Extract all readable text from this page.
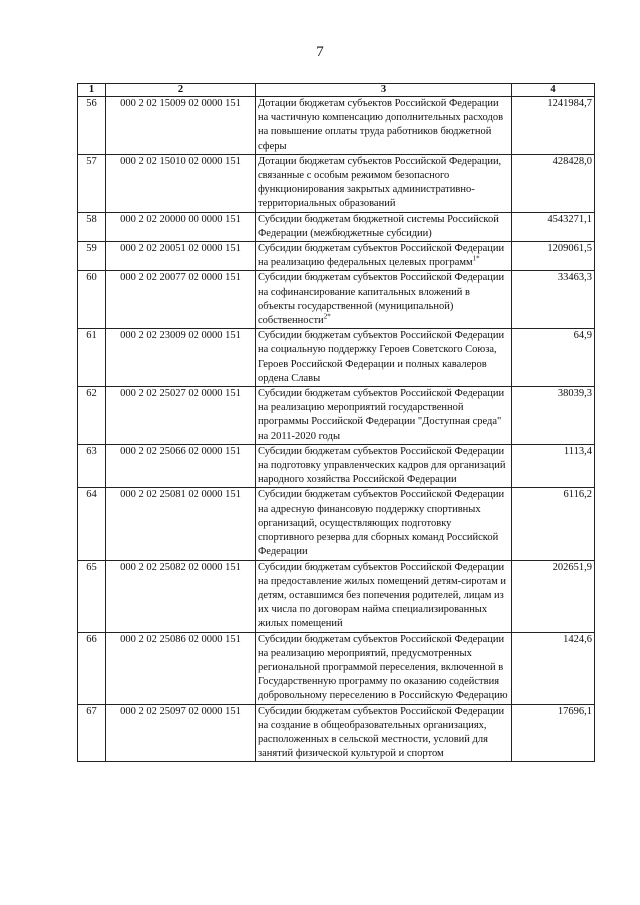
7
1	2	3	4
56	000 2 02 15009 02 0000 151	Дотации бюджетам субъектов Российской Федерации на частичную компенсацию дополнительных расходов на повышение оплаты труда работников бюджетной сферы	1241984,7
57	000 2 02 15010 02 0000 151	Дотации бюджетам субъектов Российской Федерации, связанные с особым режимом безопасного функционирования закрытых административно-территориальных образований	428428,0
58	000 2 02 20000 00 0000 151	Субсидии бюджетам бюджетной системы Российской Федерации (межбюджетные субсидии)	4543271,1
59	000 2 02 20051 02 0000 151	Субсидии бюджетам субъектов Российской Федерации на реализацию федеральных целевых программ$^{1*}$	1209061,5
60	000 2 02 20077 02 0000 151	Субсидии бюджетам субъектов Российской Федерации на софинансирование капитальных вложений в объекты государственной (муниципальной) собственности$^{2*}$	33463,3
61	000 2 02 23009 02 0000 151	Субсидии бюджетам субъектов Российской Федерации на социальную поддержку Героев Советского Союза, Героев Российской Федерации и полных кавалеров ордена Славы	64,9
62	000 2 02 25027 02 0000 151	Субсидии бюджетам субъектов Российской Федерации на реализацию мероприятий государственной программы Российской Федерации "Доступная среда" на 2011-2020 годы	38039,3
63	000 2 02 25066 02 0000 151	Субсидии бюджетам субъектов Российской Федерации на подготовку управленческих кадров для организаций народного хозяйства Российской Федерации	1113,4
64	000 2 02 25081 02 0000 151	Субсидии бюджетам субъектов Российской Федерации на адресную финансовую поддержку спортивных организаций, осуществляющих подготовку спортивного резерва для сборных команд Российской Федерации	6116,2
65	000 2 02 25082 02 0000 151	Субсидии бюджетам субъектов Российской Федерации на предоставление жилых помещений детям-сиротам и детям, оставшимся без попечения родителей, лицам из их числа по договорам найма специализированных жилых помещений	202651,9
66	000 2 02 25086 02 0000 151	Субсидии бюджетам субъектов Российской Федерации на реализацию мероприятий, предусмотренных региональной программой переселения, включенной в Государственную программу по оказанию содействия добровольному переселению в Российскую Федерацию	1424,6
67	000 2 02 25097 02 0000 151	Субсидии бюджетам субъектов Российской Федерации на создание в общеобразовательных организациях, расположенных в сельской местности, условий для занятий физической культурой и спортом	17696,1
